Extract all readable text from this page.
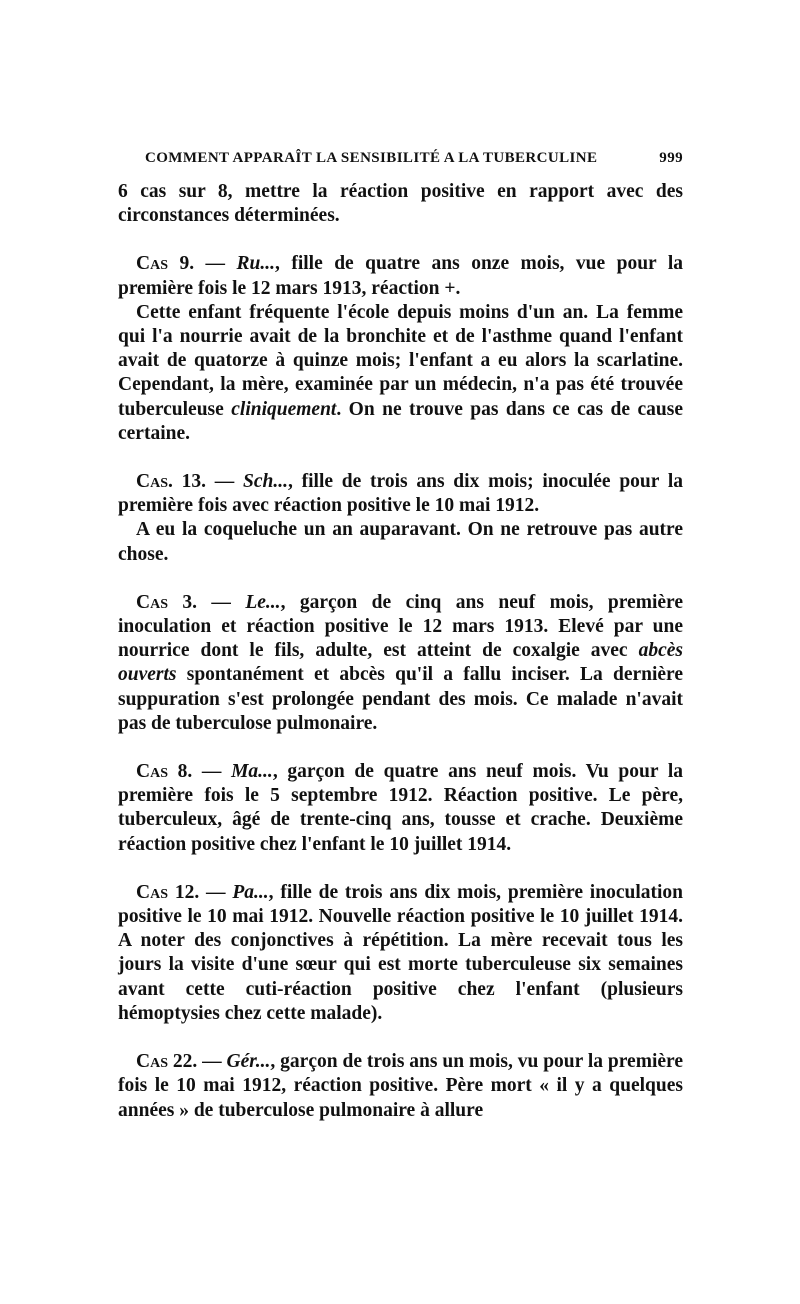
COMMENT APPARAÎT LA SENSIBILITÉ A LA TUBERCULINE	999

6 cas sur 8, mettre la réaction positive en rapport avec des circonstances déterminées.

Cas 9. — Ru..., fille de quatre ans onze mois, vue pour la première fois le 12 mars 1913, réaction +.

Cette enfant fréquente l'école depuis moins d'un an. La femme qui l'a nourrie avait de la bronchite et de l'asthme quand l'enfant avait de quatorze à quinze mois; l'enfant a eu alors la scarlatine. Cependant, la mère, examinée par un médecin, n'a pas été trouvée tuberculeuse cliniquement. On ne trouve pas dans ce cas de cause certaine.

Cas. 13. — Sch..., fille de trois ans dix mois; inoculée pour la première fois avec réaction positive le 10 mai 1912.

A eu la coqueluche un an auparavant. On ne retrouve pas autre chose.

Cas 3. — Le..., garçon de cinq ans neuf mois, première inoculation et réaction positive le 12 mars 1913. Elevé par une nourrice dont le fils, adulte, est atteint de coxalgie avec abcès ouverts spontanément et abcès qu'il a fallu inciser. La dernière suppuration s'est prolongée pendant des mois. Ce malade n'avait pas de tuberculose pulmonaire.

Cas 8. — Ma..., garçon de quatre ans neuf mois. Vu pour la première fois le 5 septembre 1912. Réaction positive. Le père, tuberculeux, âgé de trente-cinq ans, tousse et crache. Deuxième réaction positive chez l'enfant le 10 juillet 1914.

Cas 12. — Pa..., fille de trois ans dix mois, première inoculation positive le 10 mai 1912. Nouvelle réaction positive le 10 juillet 1914. A noter des conjonctives à répétition. La mère recevait tous les jours la visite d'une sœur qui est morte tuberculeuse six semaines avant cette cuti-réaction positive chez l'enfant (plusieurs hémoptysies chez cette malade).

Cas 22. — Gér..., garçon de trois ans un mois, vu pour la première fois le 10 mai 1912, réaction positive. Père mort « il y a quelques années » de tuberculose pulmonaire à allure
